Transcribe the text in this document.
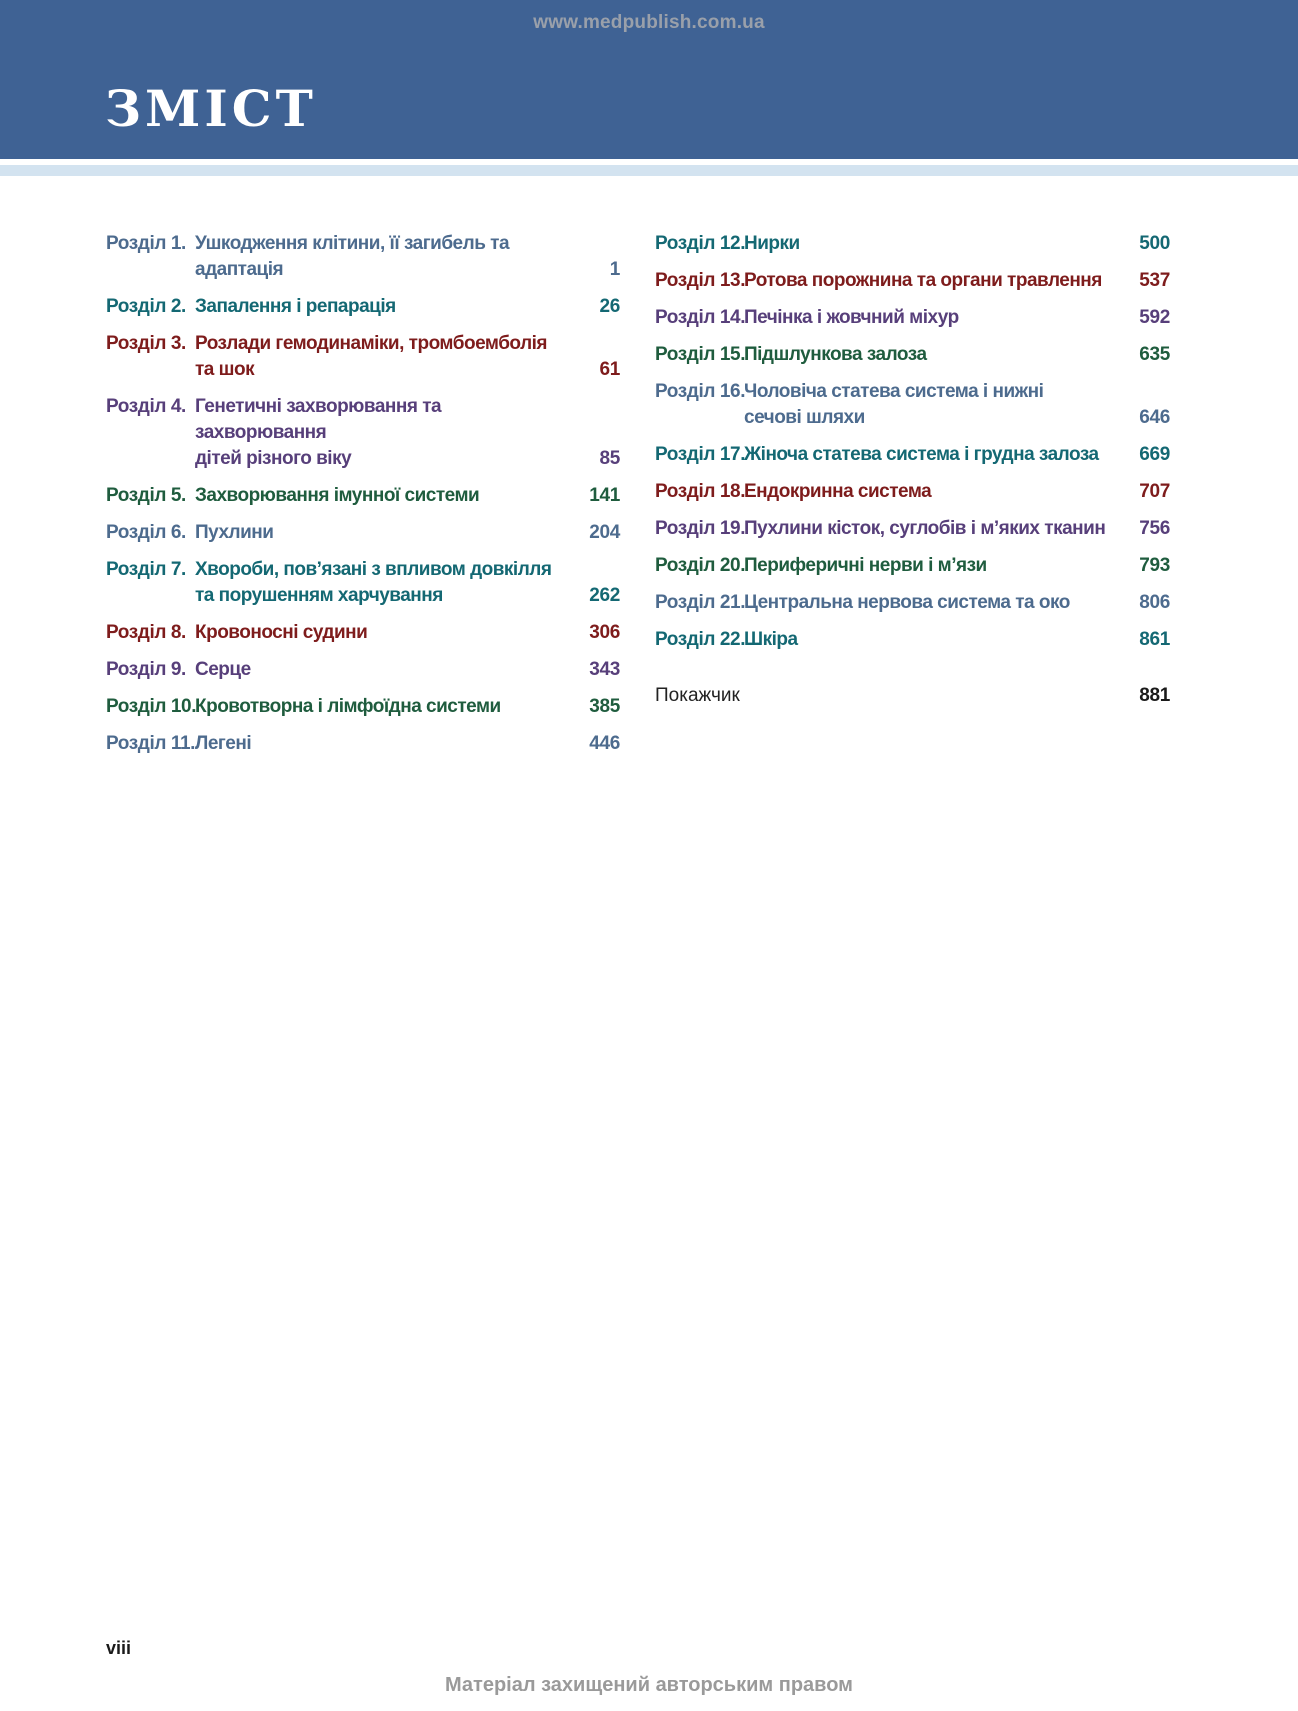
www.medpublish.com.ua
ЗМІСТ
Розділ 1. Ушкодження клітини, її загибель та адаптація	1
Розділ 2. Запалення і репарація	26
Розділ 3. Розлади гемодинаміки, тромбоемболія
та шок	61
Розділ 4. Генетичні захворювання та захворювання
дітей різного віку	85
Розділ 5. Захворювання імунної системи	141
Розділ 6. Пухлини	204
Розділ 7. Хвороби, пов’язані з впливом довкілля
та порушенням харчування	262
Розділ 8. Кровоносні судини	306
Розділ 9. Серце	343
Розділ 10.
Кровотворна і лімфоїдна системи	385
Розділ 11. Легені	446
Розділ 12.
Нирки	500
Розділ 13.
Ротова порожнина та органи травлення	537
Розділ 14.
Печінка і жовчний міхур	592
Розділ 15.
Підшлункова залоза	635
Розділ 16.
Чоловіча статева система і нижні
сечові шляхи	646
Розділ 17.
Жіноча статева система і грудна залоза	669
Розділ 18.
Ендокринна система	707
Розділ 19.
Пухлини кісток, суглобів і м’яких тканин	756
Розділ 20.
Периферичні нерви і м’язи	793
Розділ 21.
Центральна нервова система та око	806
Розділ 22.
Шкіра	861
Покажчик	881
viii
Матеріал захищений авторським правом
